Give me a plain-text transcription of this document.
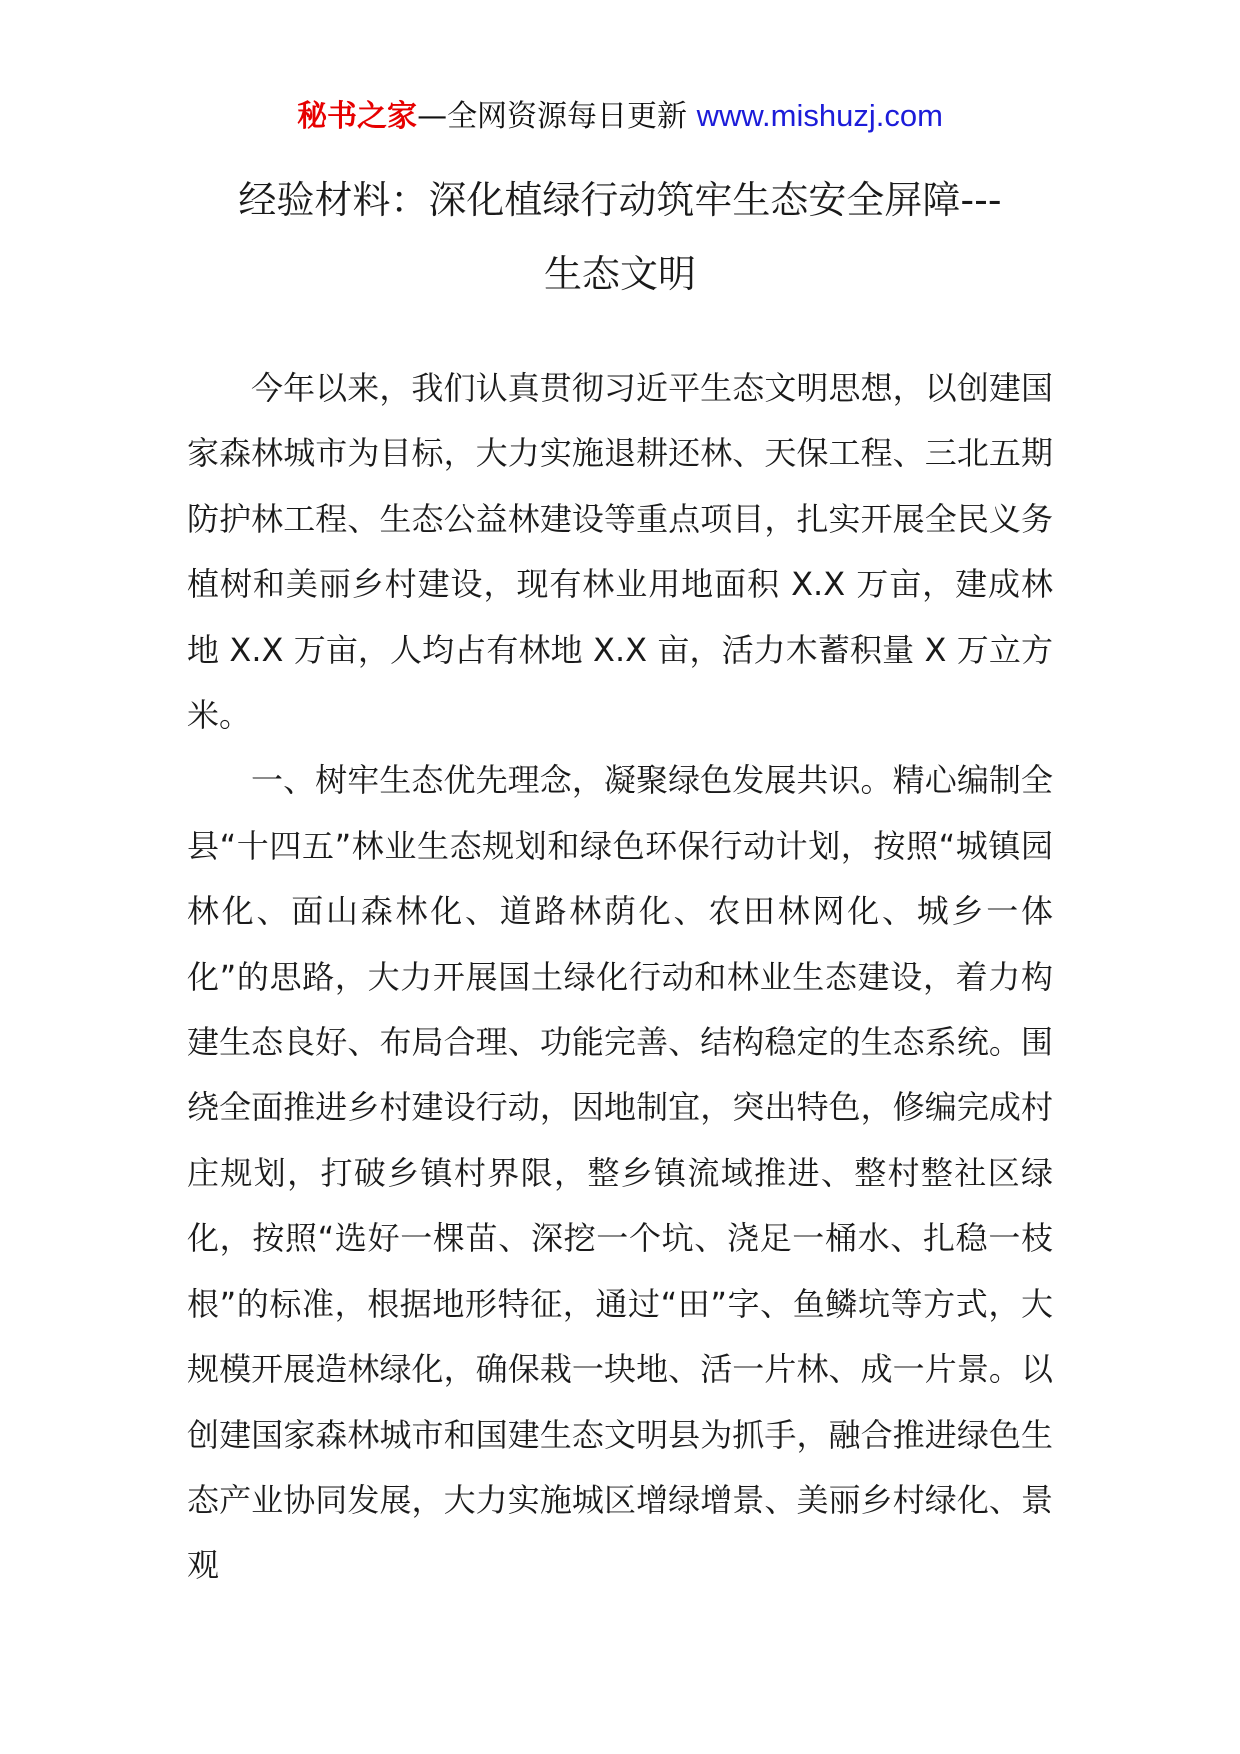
秘书之家—全网资源每日更新 www.mishuzj.com
经验材料：深化植绿行动筑牢生态安全屏障---
生态文明

今年以来，我们认真贯彻习近平生态文明思想，以创建国家森林城市为目标，大力实施退耕还林、天保工程、三北五期防护林工程、生态公益林建设等重点项目，扎实开展全民义务植树和美丽乡村建设，现有林业用地面积 X.X 万亩，建成林地 X.X 万亩，人均占有林地 X.X 亩，活力木蓄积量 X 万立方米。

一、树牢生态优先理念，凝聚绿色发展共识。精心编制全县“十四五”林业生态规划和绿色环保行动计划，按照“城镇园林化、面山森林化、道路林荫化、农田林网化、城乡一体化”的思路，大力开展国土绿化行动和林业生态建设，着力构建生态良好、布局合理、功能完善、结构稳定的生态系统。围绕全面推进乡村建设行动，因地制宜，突出特色，修编完成村庄规划，打破乡镇村界限，整乡镇流域推进、整村整社区绿化，按照“选好一棵苗、深挖一个坑、浇足一桶水、扎稳一枝根”的标准，根据地形特征，通过“田”字、鱼鳞坑等方式，大规模开展造林绿化，确保栽一块地、活一片林、成一片景。以创建国家森林城市和国建生态文明县为抓手，融合推进绿色生态产业协同发展，大力实施城区增绿增景、美丽乡村绿化、景观
